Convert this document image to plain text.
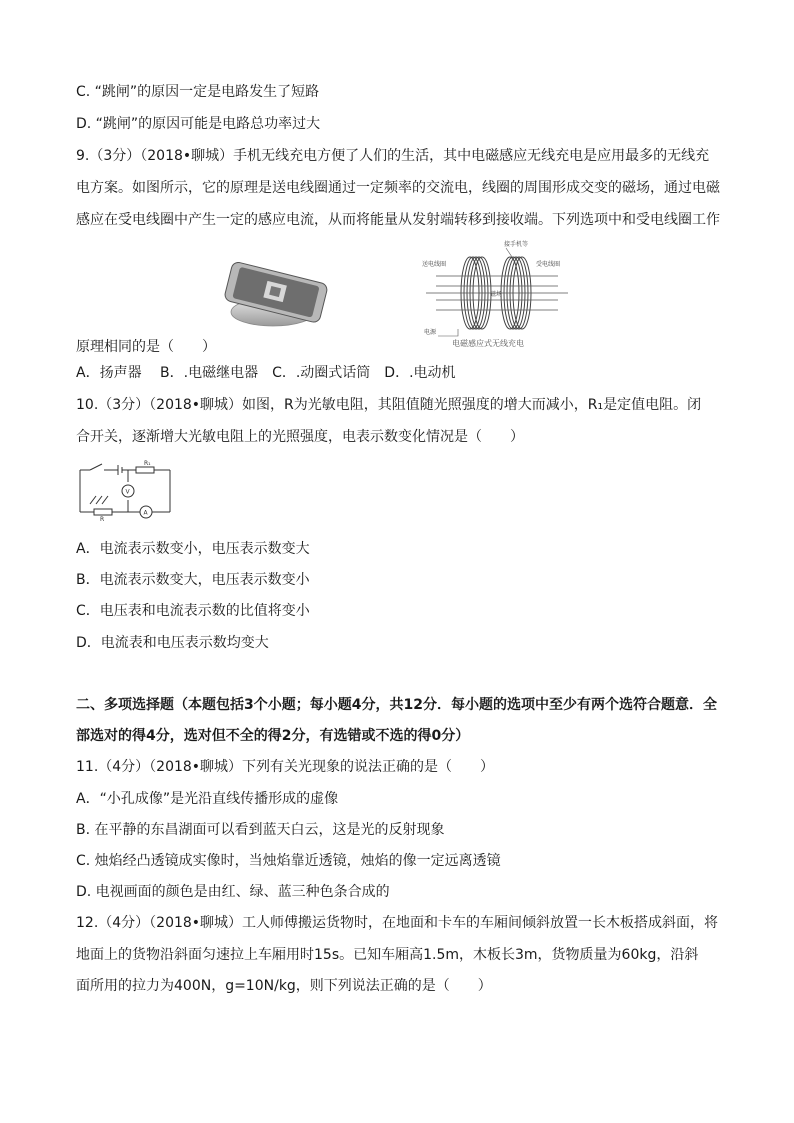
C. “跳闸”的原因一定是电路发生了短路
D. “跳闸”的原因可能是电路总功率过大
9.（3分）（2018•聊城）手机无线充电方便了人们的生活，其中电磁感应无线充电是应用最多的无线充
电方案。如图所示，它的原理是送电线圈通过一定频率的交流电，线圈的周围形成交变的磁场，通过电磁
感应在受电线圈中产生一定的感应电流，从而将能量从发射端转移到接收端。下列选项中和受电线圈工作
接手机等
送电线圈	受电线圈
磁场
电源
电磁感应式无线充电
原理相同的是（　　）
A．扬声器　 B．.电磁继电器　C．.动圈式话筒　D．.电动机
10.（3分）（2018•聊城）如图，R为光敏电阻，其阻值随光照强度的增大而减小，R₁是定值电阻。闭
合开关，逐渐增大光敏电阻上的光照强度，电表示数变化情况是（　　）
R₁
R
V
A
A．电流表示数变小，电压表示数变大
B．电流表示数变大，电压表示数变小
C．电压表和电流表示数的比值将变小
D．电流表和电压表示数均变大
二、多项选择题（本题包括3个小题；每小题4分，共12分．每小题的选项中至少有两个选符合题意．全
部选对的得4分，选对但不全的得2分，有选错或不选的得0分）
11.（4分）（2018•聊城）下列有关光现象的说法正确的是（　　）
A．“小孔成像”是光沿直线传播形成的虚像
B. 在平静的东昌湖面可以看到蓝天白云，这是光的反射现象
C. 烛焰经凸透镜成实像时，当烛焰靠近透镜，烛焰的像一定远离透镜
D. 电视画面的颜色是由红、绿、蓝三种色条合成的
12.（4分）（2018•聊城）工人师傅搬运货物时，在地面和卡车的车厢间倾斜放置一长木板搭成斜面，将
地面上的货物沿斜面匀速拉上车厢用时15s。已知车厢高1.5m，木板长3m，货物质量为60kg，沿斜
面所用的拉力为400N，g=10N/kg，则下列说法正确的是（　　）
